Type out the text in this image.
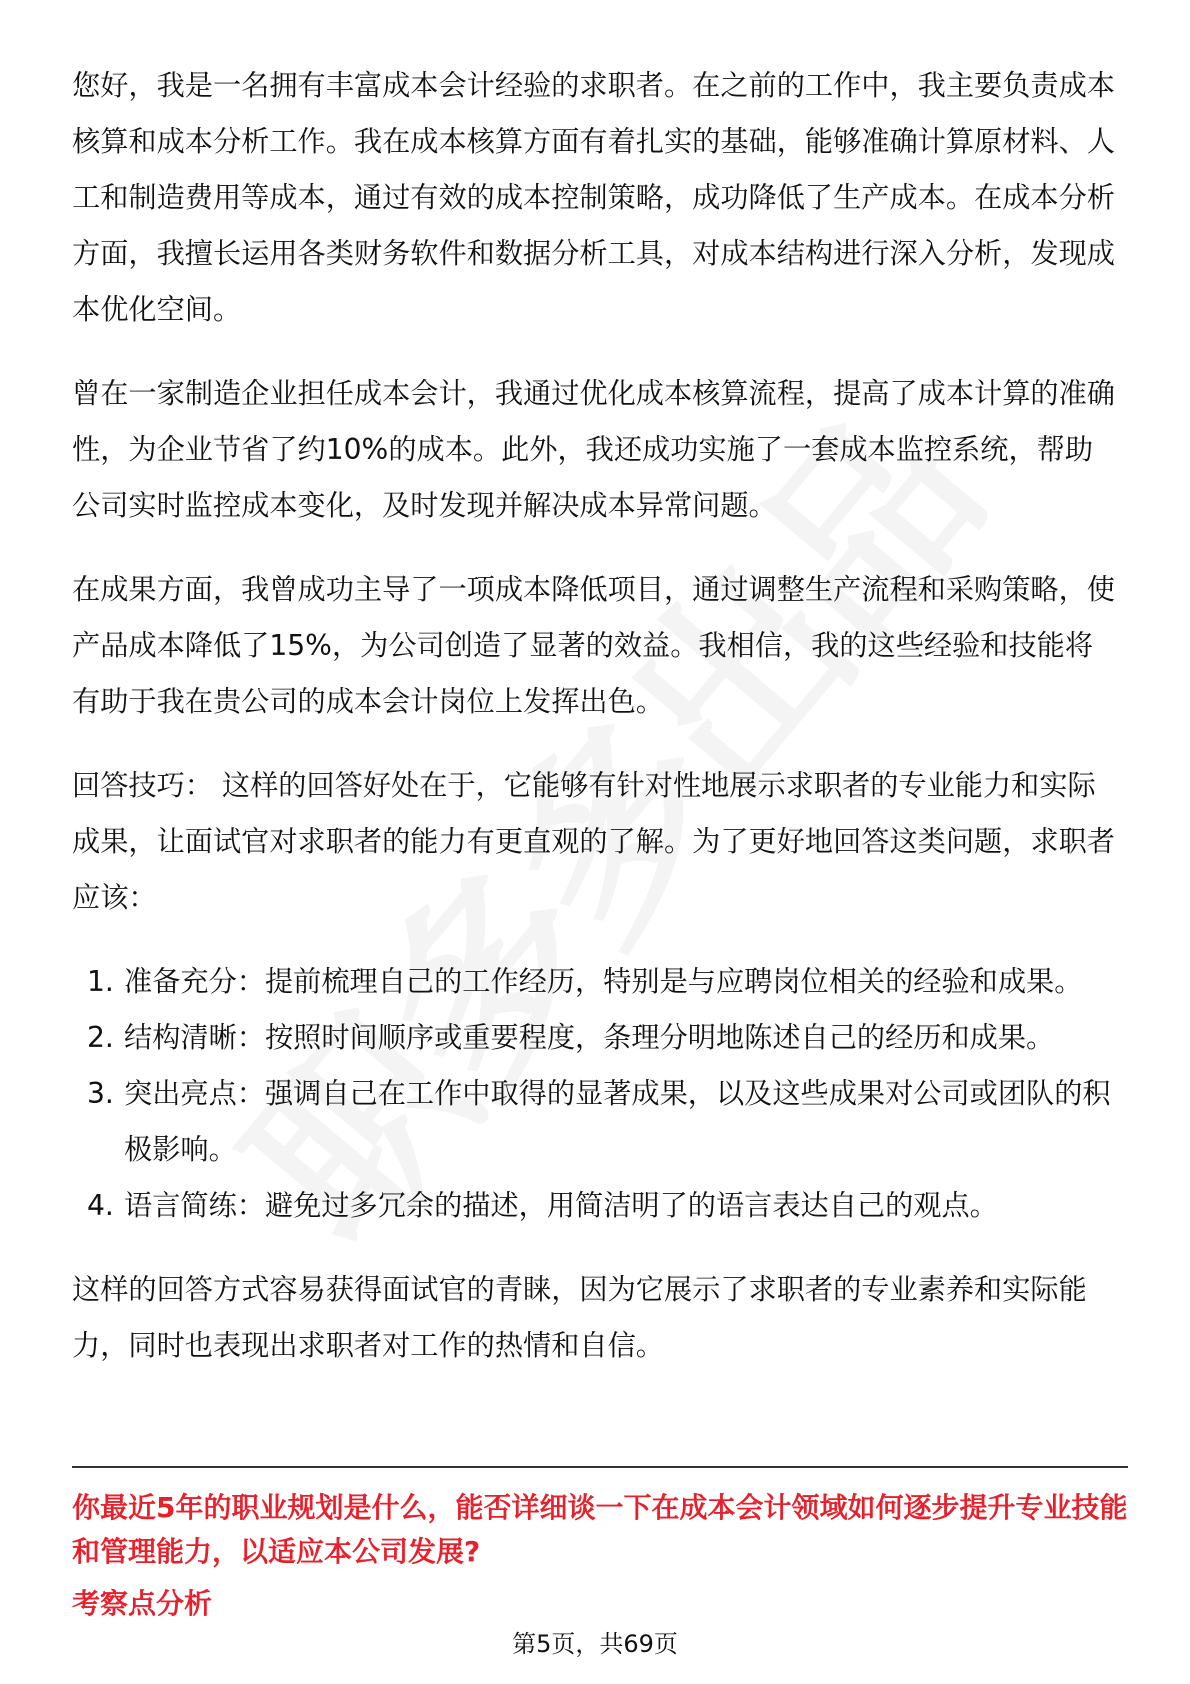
您好，我是一名拥有丰富成本会计经验的求职者。在之前的工作中，我主要负责成本核算和成本分析工作。我在成本核算方面有着扎实的基础，能够准确计算原材料、人工和制造费用等成本，通过有效的成本控制策略，成功降低了生产成本。在成本分析方面，我擅长运用各类财务软件和数据分析工具，对成本结构进行深入分析，发现成本优化空间。

曾在一家制造企业担任成本会计，我通过优化成本核算流程，提高了成本计算的准确性，为企业节省了约10%的成本。此外，我还成功实施了一套成本监控系统，帮助公司实时监控成本变化，及时发现并解决成本异常问题。

在成果方面，我曾成功主导了一项成本降低项目，通过调整生产流程和采购策略，使产品成本降低了15%，为公司创造了显著的效益。我相信，我的这些经验和技能将有助于我在贵公司的成本会计岗位上发挥出色。

回答技巧： 这样的回答好处在于，它能够有针对性地展示求职者的专业能力和实际成果，让面试官对求职者的能力有更直观的了解。为了更好地回答这类问题，求职者应该：

1. 准备充分：提前梳理自己的工作经历，特别是与应聘岗位相关的经验和成果。
2. 结构清晰：按照时间顺序或重要程度，条理分明地陈述自己的经历和成果。
3. 突出亮点：强调自己在工作中取得的显著成果，以及这些成果对公司或团队的积极影响。
4. 语言简练：避免过多冗余的描述，用简洁明了的语言表达自己的观点。

这样的回答方式容易获得面试官的青睐，因为它展示了求职者的专业素养和实际能力，同时也表现出求职者对工作的热情和自信。

你最近5年的职业规划是什么，能否详细谈一下在成本会计领域如何逐步提升专业技能和管理能力，以适应本公司发展?

考察点分析

第5页，共69页
